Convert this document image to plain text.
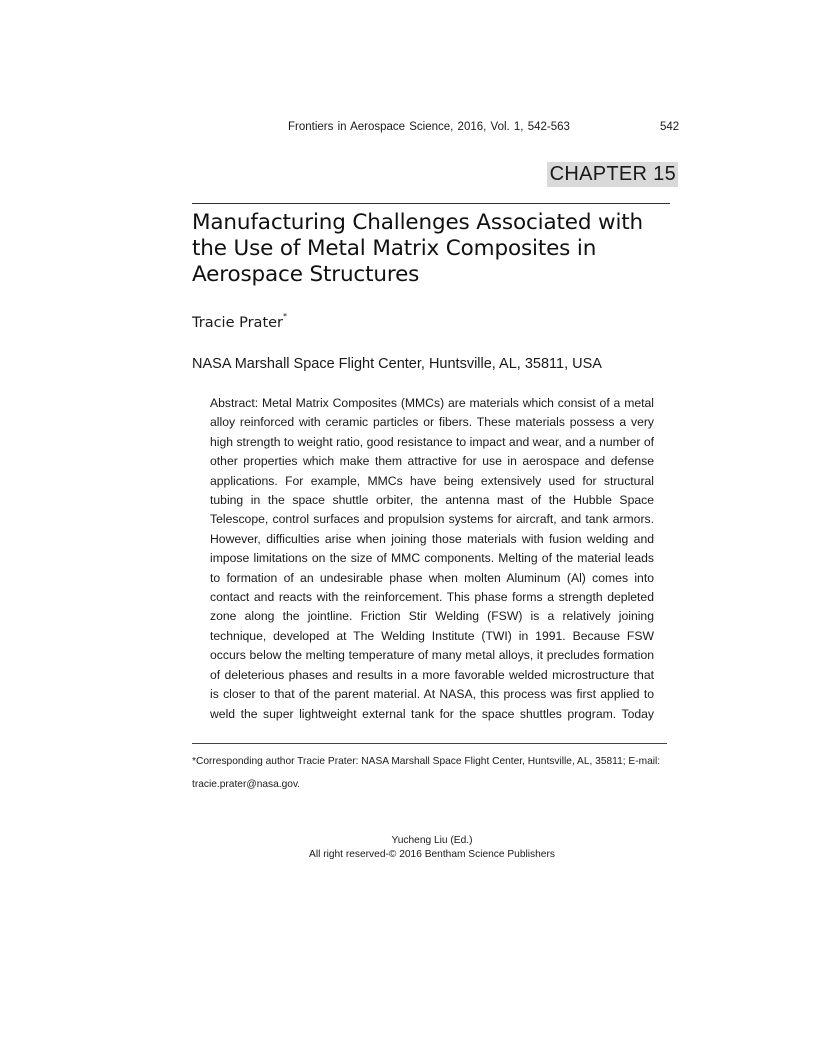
Frontiers in Aerospace Science, 2016, Vol. 1, 542-563	542
CHAPTER 15
Manufacturing Challenges Associated with the Use of Metal Matrix Composites in Aerospace Structures
Tracie Prater*
NASA Marshall Space Flight Center, Huntsville, AL, 35811, USA

Abstract: Metal Matrix Composites (MMCs) are materials which consist of a metal alloy reinforced with ceramic particles or fibers. These materials possess a very high strength to weight ratio, good resistance to impact and wear, and a number of other properties which make them attractive for use in aerospace and defense applications. For example, MMCs have being extensively used for structural tubing in the space shuttle orbiter, the antenna mast of the Hubble Space Telescope, control surfaces and propulsion systems for aircraft, and tank armors. However, difficulties arise when joining those materials with fusion welding and impose limitations on the size of MMC components. Melting of the material leads to formation of an undesirable phase when molten Aluminum (Al) comes into contact and reacts with the reinforcement. This phase forms a strength depleted zone along the jointline. Friction Stir Welding (FSW) is a relatively joining technique, developed at The Welding Institute (TWI) in 1991. Because FSW occurs below the melting temperature of many metal alloys, it precludes formation of deleterious phases and results in a more favorable welded microstructure that is closer to that of the parent material. At NASA, this process was first applied to weld the super lightweight external tank for the space shuttles program. Today

*Corresponding author Tracie Prater: NASA Marshall Space Flight Center, Huntsville, AL, 35811; E-mail: tracie.prater@nasa.gov.

Yucheng Liu (Ed.)
All right reserved-© 2016 Bentham Science Publishers
